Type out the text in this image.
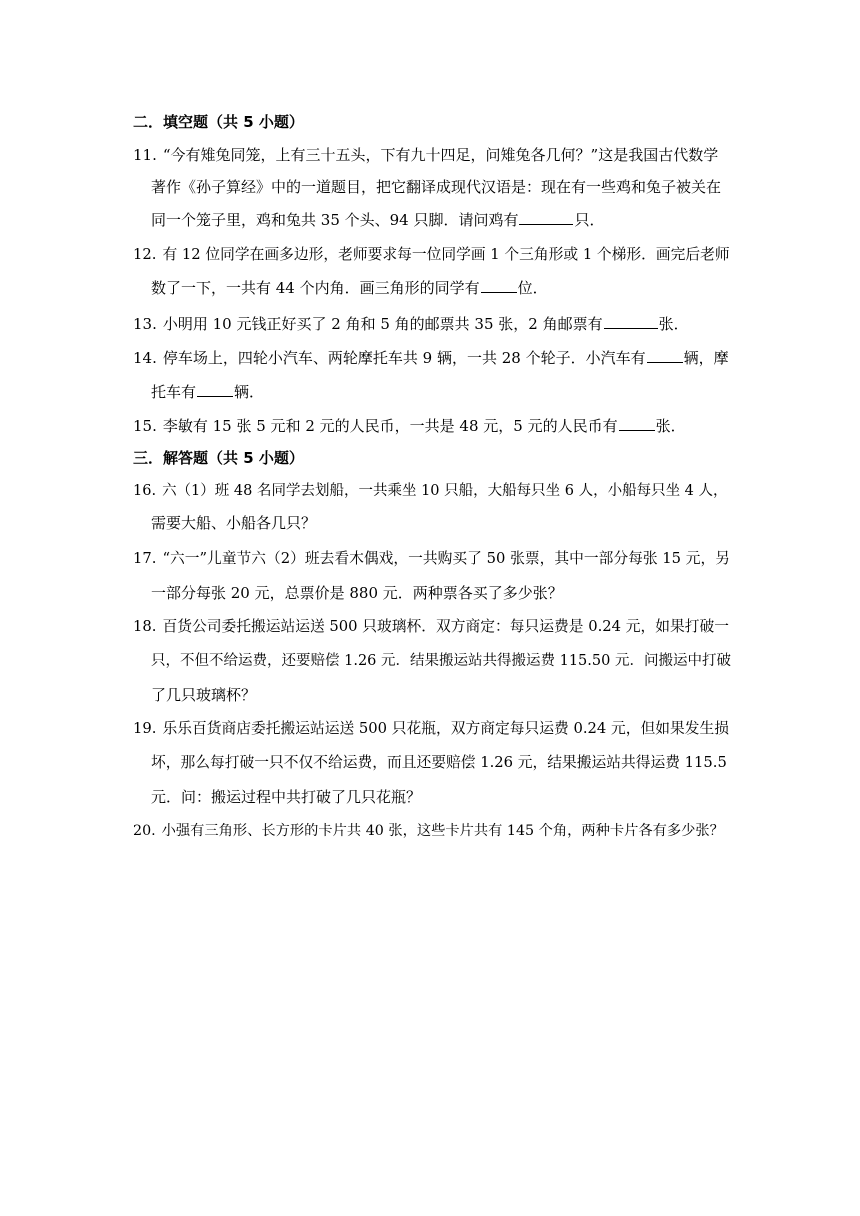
二．填空题（共 5 小题）
11. “今有雉兔同笼，上有三十五头，下有九十四足，问雉兔各几何？”这是我国古代数学
著作《孙子算经》中的一道题目，把它翻译成现代汉语是：现在有一些鸡和兔子被关在
同一个笼子里，鸡和兔共 35 个头、94 只脚．请问鸡有	只．
12. 有 12 位同学在画多边形，老师要求每一位同学画 1 个三角形或 1 个梯形．画完后老师
数了一下，一共有 44 个内角．画三角形的同学有	位．
13. 小明用 10 元钱正好买了 2 角和 5 角的邮票共 35 张，2 角邮票有	张．
14. 停车场上，四轮小汽车、两轮摩托车共 9 辆，一共 28 个轮子．小汽车有	辆，摩
托车有	辆．
15. 李敏有 15 张 5 元和 2 元的人民币，一共是 48 元，5 元的人民币有	张．
三．解答题（共 5 小题）
16. 六（1）班 48 名同学去划船，一共乘坐 10 只船，大船每只坐 6 人，小船每只坐 4 人，
需要大船、小船各几只？
17. “六一”儿童节六（2）班去看木偶戏，一共购买了 50 张票，其中一部分每张 15 元，另
一部分每张 20 元，总票价是 880 元．两种票各买了多少张？
18. 百货公司委托搬运站运送 500 只玻璃杯．双方商定：每只运费是 0.24 元，如果打破一
只，不但不给运费，还要赔偿 1.26 元．结果搬运站共得搬运费 115.50 元．问搬运中打破
了几只玻璃杯？
19. 乐乐百货商店委托搬运站运送 500 只花瓶，双方商定每只运费 0.24 元，但如果发生损
坏，那么每打破一只不仅不给运费，而且还要赔偿 1.26 元，结果搬运站共得运费 115.5
元．问：搬运过程中共打破了几只花瓶？
20. 小强有三角形、长方形的卡片共 40 张，这些卡片共有 145 个角，两种卡片各有多少张？
